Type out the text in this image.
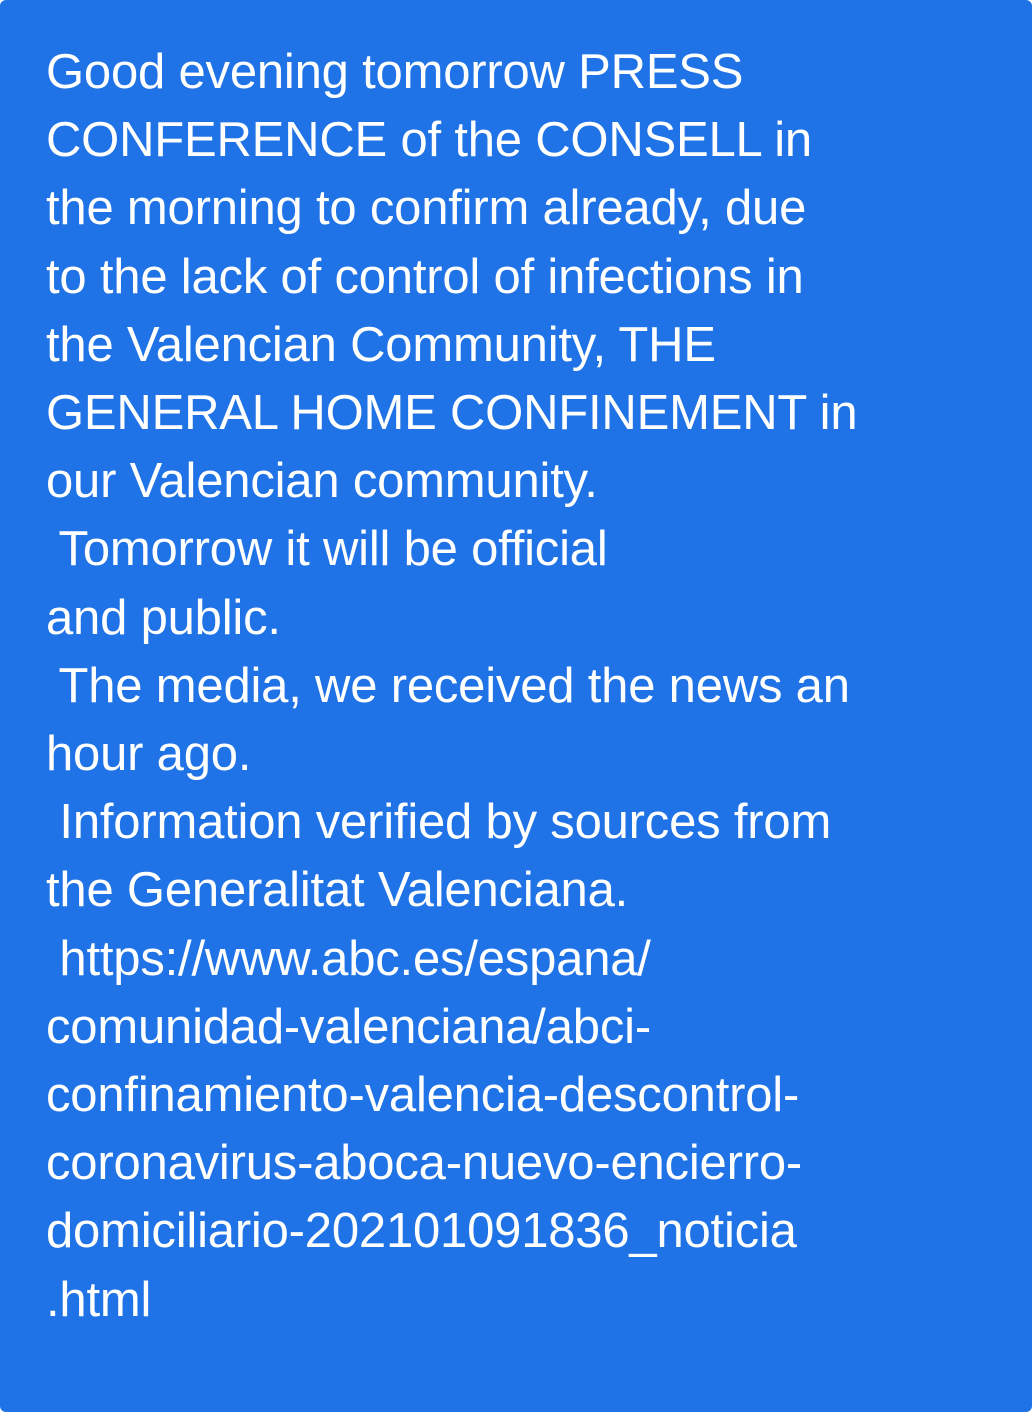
Good evening tomorrow PRESS
CONFERENCE of the CONSELL in
the morning to confirm already, due
to the lack of control of infections in
the Valencian Community, THE
GENERAL HOME CONFINEMENT in
our Valencian community.
Tomorrow it will be official
and public.
The media, we received the news an
hour ago.
Information verified by sources from
the Generalitat Valenciana.
https://www.abc.es/espana/
comunidad-valenciana/abci-
confinamiento-valencia-descontrol-
coronavirus-aboca-nuevo-encierro-
domiciliario-202101091836_noticia
.html
